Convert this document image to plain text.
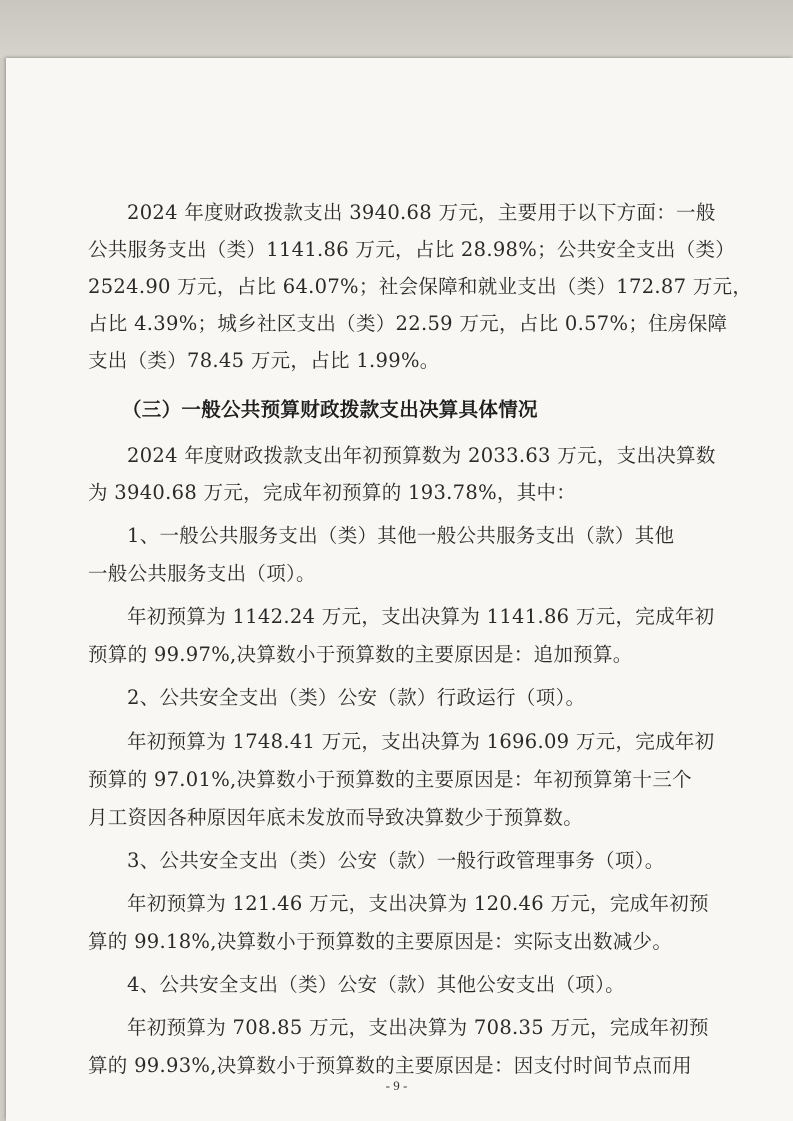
2024 年度财政拨款支出 3940.68 万元，主要用于以下方面：一般
公共服务支出（类）1141.86 万元，占比 28.98%；公共安全支出（类）
2524.90 万元，占比 64.07%；社会保障和就业支出（类）172.87 万元，
占比 4.39%；城乡社区支出（类）22.59 万元，占比 0.57%；住房保障
支出（类）78.45 万元，占比 1.99%。
（三）一般公共预算财政拨款支出决算具体情况
2024 年度财政拨款支出年初预算数为 2033.63 万元，支出决算数
为 3940.68 万元，完成年初预算的 193.78%，其中：
1、一般公共服务支出（类）其他一般公共服务支出（款）其他
一般公共服务支出（项）。
年初预算为 1142.24 万元，支出决算为 1141.86 万元，完成年初
预算的 99.97%,决算数小于预算数的主要原因是：追加预算。
2、公共安全支出（类）公安（款）行政运行（项）。
年初预算为 1748.41 万元，支出决算为 1696.09 万元，完成年初
预算的 97.01%,决算数小于预算数的主要原因是：年初预算第十三个
月工资因各种原因年底未发放而导致决算数少于预算数。
3、公共安全支出（类）公安（款）一般行政管理事务（项）。
年初预算为 121.46 万元，支出决算为 120.46 万元，完成年初预
算的 99.18%,决算数小于预算数的主要原因是：实际支出数减少。
4、公共安全支出（类）公安（款）其他公安支出（项）。
年初预算为 708.85 万元，支出决算为 708.35 万元，完成年初预
算的 99.93%,决算数小于预算数的主要原因是：因支付时间节点而用
- 9 -
